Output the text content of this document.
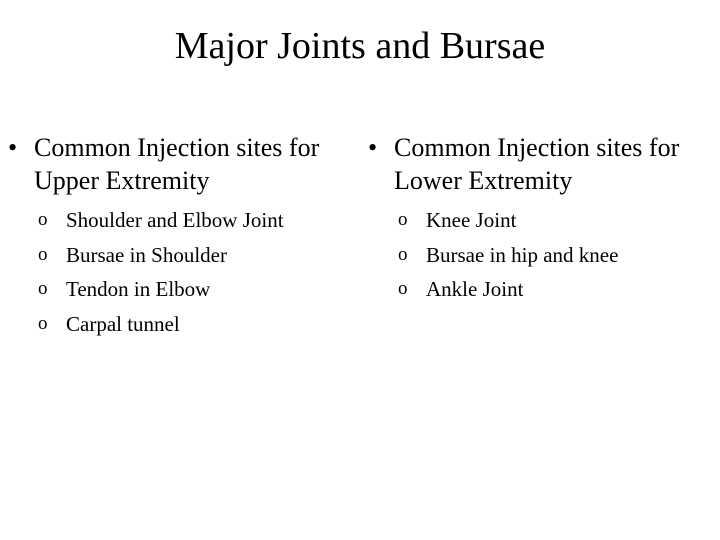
Major Joints and Bursae

• Common Injection sites for Upper Extremity

o Shoulder and Elbow Joint
o Bursae in Shoulder
o Tendon in Elbow
o Carpal tunnel

• Common Injection sites for Lower Extremity

o Knee Joint
o Bursae in hip and knee
o Ankle Joint
